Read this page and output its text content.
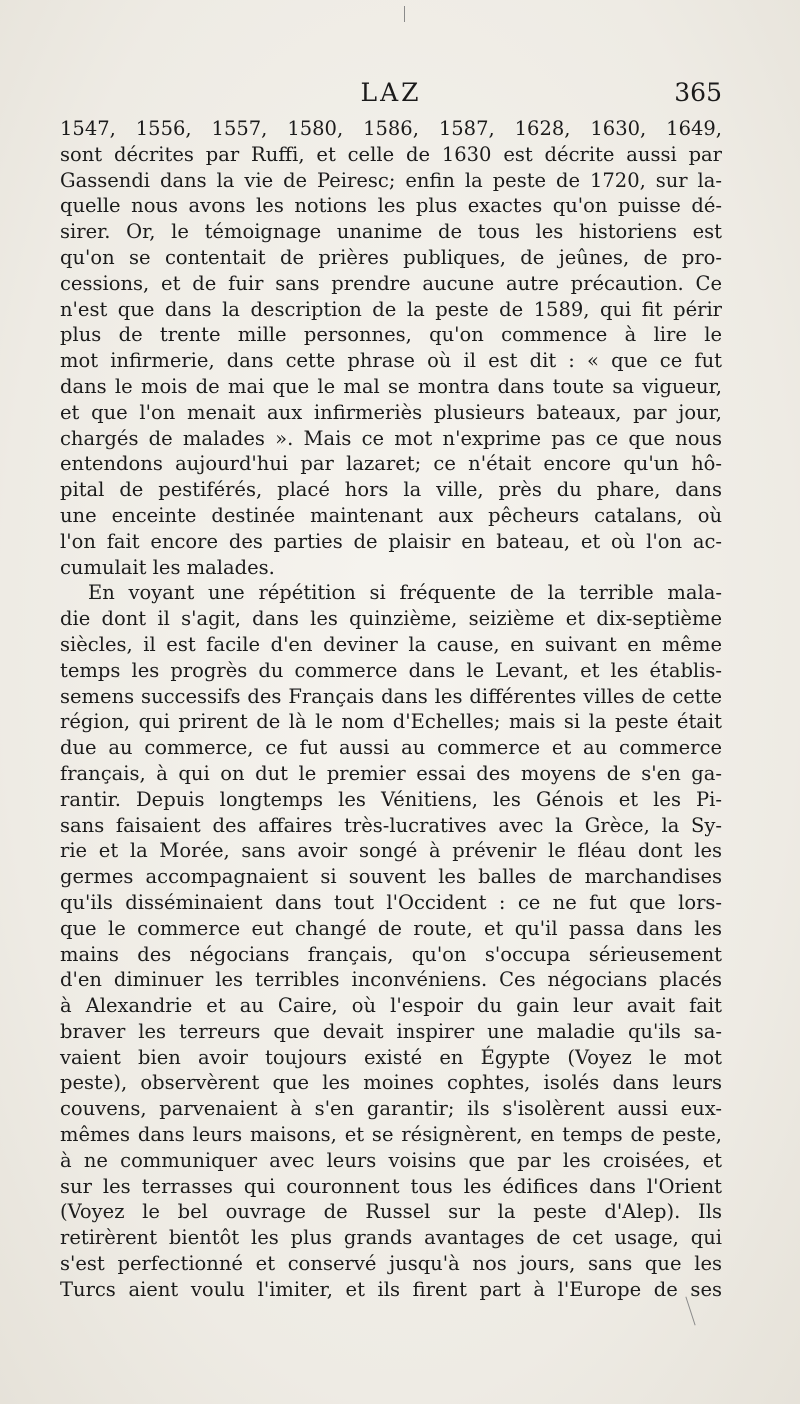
LAZ	365
1547, 1556, 1557, 1580, 1586, 1587, 1628, 1630, 1649,
sont décrites par Ruffi, et celle de 1630 est décrite aussi par
Gassendi dans la vie de Peiresc; enfin la peste de 1720, sur la-
quelle nous avons les notions les plus exactes qu'on puisse dé-
sirer. Or, le témoignage unanime de tous les historiens est
qu'on se contentait de prières publiques, de jeûnes, de pro-
cessions, et de fuir sans prendre aucune autre précaution. Ce
n'est que dans la description de la peste de 1589, qui fit périr
plus de trente mille personnes, qu'on commence à lire le
mot infirmerie, dans cette phrase où il est dit : « que ce fut
dans le mois de mai que le mal se montra dans toute sa vigueur,
et que l'on menait aux infirmeriès plusieurs bateaux, par jour,
chargés de malades ». Mais ce mot n'exprime pas ce que nous
entendons aujourd'hui par lazaret; ce n'était encore qu'un hô-
pital de pestiférés, placé hors la ville, près du phare, dans
une enceinte destinée maintenant aux pêcheurs catalans, où
l'on fait encore des parties de plaisir en bateau, et où l'on ac-
cumulait les malades.
En voyant une répétition si fréquente de la terrible mala-
die dont il s'agit, dans les quinzième, seizième et dix-septième
siècles, il est facile d'en deviner la cause, en suivant en même
temps les progrès du commerce dans le Levant, et les établis-
semens successifs des Français dans les différentes villes de cette
région, qui prirent de là le nom d'Echelles; mais si la peste était
due au commerce, ce fut aussi au commerce et au commerce
français, à qui on dut le premier essai des moyens de s'en ga-
rantir. Depuis longtemps les Vénitiens, les Génois et les Pi-
sans faisaient des affaires très-lucratives avec la Grèce, la Sy-
rie et la Morée, sans avoir songé à prévenir le fléau dont les
germes accompagnaient si souvent les balles de marchandises
qu'ils disséminaient dans tout l'Occident : ce ne fut que lors-
que le commerce eut changé de route, et qu'il passa dans les
mains des négocians français, qu'on s'occupa sérieusement
d'en diminuer les terribles inconvéniens. Ces négocians placés
à Alexandrie et au Caire, où l'espoir du gain leur avait fait
braver les terreurs que devait inspirer une maladie qu'ils sa-
vaient bien avoir toujours existé en Égypte (Voyez le mot
peste), observèrent que les moines cophtes, isolés dans leurs
couvens, parvenaient à s'en garantir; ils s'isolèrent aussi eux-
mêmes dans leurs maisons, et se résignèrent, en temps de peste,
à ne communiquer avec leurs voisins que par les croisées, et
sur les terrasses qui couronnent tous les édifices dans l'Orient
(Voyez le bel ouvrage de Russel sur la peste d'Alep). Ils
retirèrent bientôt les plus grands avantages de cet usage, qui
s'est perfectionné et conservé jusqu'à nos jours, sans que les
Turcs aient voulu l'imiter, et ils firent part à l'Europe de ses
